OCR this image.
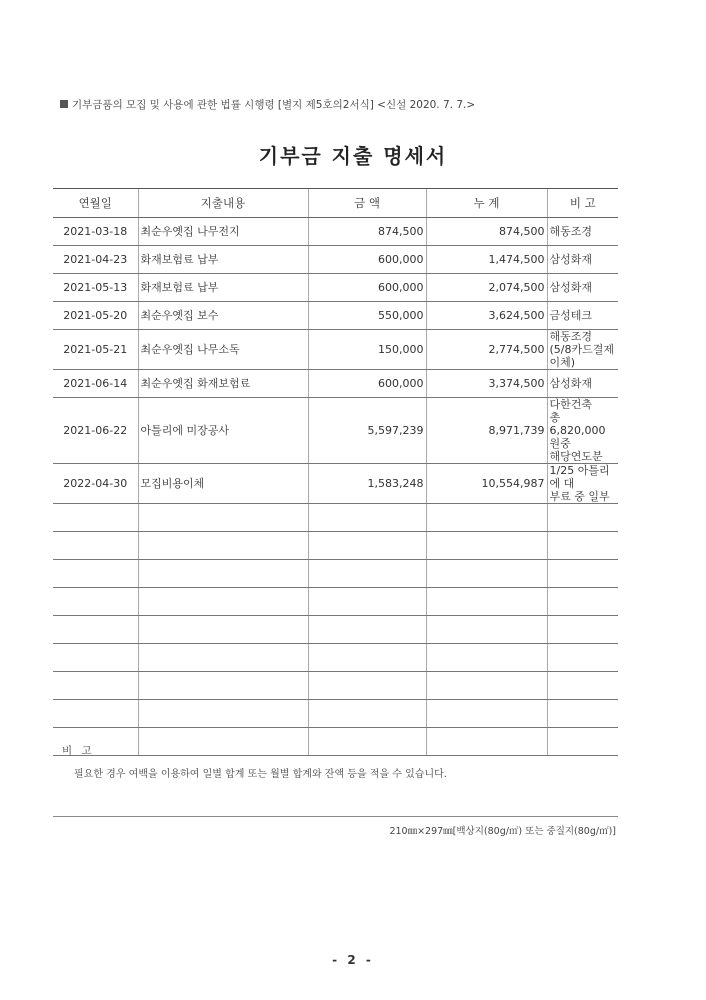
기부금품의 모집 및 사용에 관한 법률 시행령 [별지 제5호의2서식] <신설 2020. 7. 7.>
기부금 지출 명세서
연월일	지출내용	금 액	누 계	비 고
2021-03-18	최순우옛집 나무전지	874,500	874,500	해동조경
2021-04-23	화재보험료 납부	600,000	1,474,500	삼성화재
2021-05-13	화재보험료 납부	600,000	2,074,500	삼성화재
2021-05-20	최순우옛집 보수	550,000	3,624,500	금성테크
2021-05-21	최순우옛집 나무소독	150,000	2,774,500	해동조경
(5/8카드결제이체)
2021-06-14	최순우옛집 화재보험료	600,000	3,374,500	삼성화재
2021-06-22	아틀리에 미장공사	5,597,239	8,971,739	다한건축
총6,820,000원중
해당연도분
2022-04-30	모집비용이체	1,583,248	10,554,987	1/25 아틀리에 대
부료 중 일부

비 고
필요한 경우 여백을 이용하여 일별 합계 또는 월별 합계와 잔액 등을 적을 수 있습니다.
210㎜×297㎜[백상지(80g/㎡) 또는 중질지(80g/㎡)]
- 2 -
